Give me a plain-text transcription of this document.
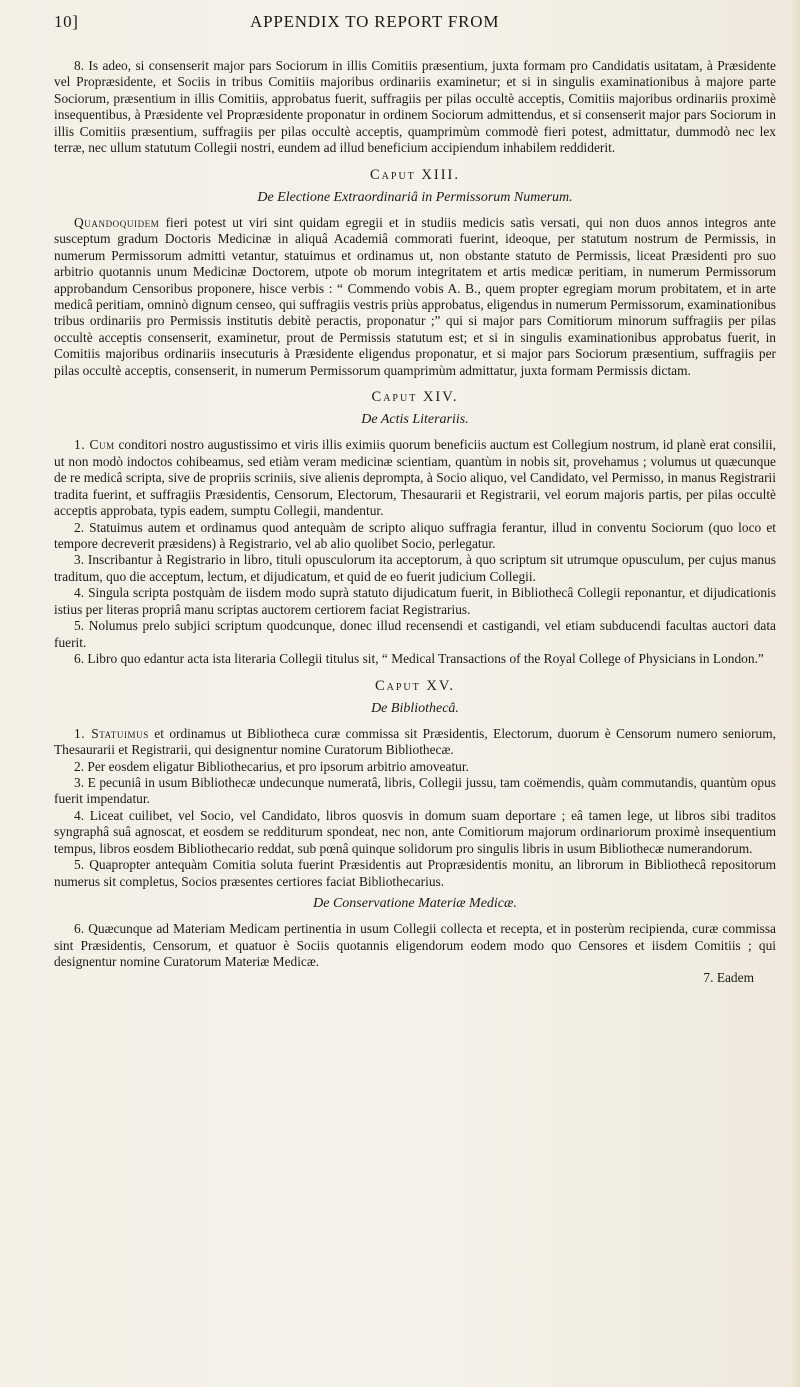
10]	APPENDIX TO REPORT FROM

8. Is adeo, si consenserit major pars Sociorum in illis Comitiis præsentium, juxta formam pro Candidatis usitatam, à Præsidente vel Propræsidente, et Sociis in tribus Comitiis majoribus ordinariis examinetur; et si in singulis examinationibus à majore parte Sociorum, præsentium in illis Comitiis, approbatus fuerit, suffragiis per pilas occultè acceptis, Comitiis majoribus ordinariis proximè insequentibus, à Præsidente vel Propræsidente proponatur in ordinem Sociorum admittendus, et si consenserit major pars Sociorum in illis Comitiis præsentium, suffragiis per pilas occultè acceptis, quamprimùm commodè fieri potest, admittatur, dummodò nec lex terræ, nec ullum statutum Collegii nostri, eundem ad illud beneficium accipiendum inhabilem reddiderit.

Caput XIII.
De Electione Extraordinariâ in Permissorum Numerum.

Quandoquidem fieri potest ut viri sint quidam egregii et in studiis medicis satìs versati, qui non duos annos integros ante susceptum gradum Doctoris Medicinæ in aliquâ Academiâ commorati fuerint, ideoque, per statutum nostrum de Permissis, in numerum Permissorum admitti vetantur, statuimus et ordinamus ut, non obstante statuto de Permissis, liceat Præsidenti pro suo arbitrio quotannis unum Medicinæ Doctorem, utpote ob morum integritatem et artis medicæ peritiam, in numerum Permissorum approbandum Censoribus proponere, hisce verbis : “ Commendo vobis A. B., quem propter egregiam morum probitatem, et in arte medicâ peritiam, omninò dignum censeo, qui suffragiis vestris priùs approbatus, eligendus in numerum Permissorum, examinationibus tribus ordinariis pro Permissis institutis debitè peractis, proponatur ;” qui si major pars Comitiorum minorum suffragiis per pilas occultè acceptis consenserit, examinetur, prout de Permissis statutum est; et si in singulis examinationibus approbatus fuerit, in Comitiis majoribus ordinariis insecuturis à Præsidente eligendus proponatur, et si major pars Sociorum præsentium, suffragiis per pilas occultè acceptis, consenserit, in numerum Permissorum quamprimùm admittatur, juxta formam Permissis dictam.

Caput XIV.
De Actis Literariis.

1. Cum conditori nostro augustissimo et viris illis eximiis quorum beneficiis auctum est Collegium nostrum, id planè erat consilii, ut non modò indoctos cohibeamus, sed etiàm veram medicinæ scientiam, quantùm in nobis sit, provehamus ; volumus ut quæcunque de re medicâ scripta, sive de propriis scriniis, sive alienis deprompta, à Socio aliquo, vel Candidato, vel Permisso, in manus Registrarii tradita fuerint, et suffragiis Præsidentis, Censorum, Electorum, Thesaurarii et Registrarii, vel eorum majoris partis, per pilas occultè acceptis approbata, typis eadem, sumptu Collegii, mandentur.

2. Statuimus autem et ordinamus quod antequàm de scripto aliquo suffragia ferantur, illud in conventu Sociorum (quo loco et tempore decreverit præsidens) à Registrario, vel ab alio quolibet Socio, perlegatur.

3. Inscribantur à Registrario in libro, tituli opusculorum ita acceptorum, à quo scriptum sit utrumque opusculum, per cujus manus traditum, quo die acceptum, lectum, et dijudicatum, et quid de eo fuerit judicium Collegii.

4. Singula scripta postquàm de iisdem modo suprà statuto dijudicatum fuerit, in Bibliothecâ Collegii reponantur, et dijudicationis istius per literas propriâ manu scriptas auctorem certiorem faciat Registrarius.

5. Nolumus prelo subjici scriptum quodcunque, donec illud recensendi et castigandi, vel etiam subducendi facultas auctori data fuerit.

6. Libro quo edantur acta ista literaria Collegii titulus sit, “ Medical Transactions of the Royal College of Physicians in London.”

Caput XV.
De Bibliothecâ.

1. Statuimus et ordinamus ut Bibliotheca curæ commissa sit Præsidentis, Electorum, duorum è Censorum numero seniorum, Thesaurarii et Registrarii, qui designentur nomine Curatorum Bibliothecæ.

2. Per eosdem eligatur Bibliothecarius, et pro ipsorum arbitrio amoveatur.

3. E pecuniâ in usum Bibliothecæ undecunque numeratâ, libris, Collegii jussu, tam coëmendis, quàm commutandis, quantùm opus fuerit impendatur.

4. Liceat cuilibet, vel Socio, vel Candidato, libros quosvis in domum suam deportare ; eâ tamen lege, ut libros sibi traditos syngraphâ suâ agnoscat, et eosdem se redditurum spondeat, nec non, ante Comitiorum majorum ordinariorum proximè insequentium tempus, libros eosdem Bibliothecario reddat, sub pœnâ quinque solidorum pro singulis libris in usum Bibliothecæ numerandorum.

5. Quapropter antequàm Comitia soluta fuerint Præsidentis aut Propræsidentis monitu, an librorum in Bibliothecâ repositorum numerus sit completus, Socios præsentes certiores faciat Bibliothecarius.

De Conservatione Materiæ Medicæ.

6. Quæcunque ad Materiam Medicam pertinentia in usum Collegii collecta et recepta, et in posterùm recipienda, curæ commissa sint Præsidentis, Censorum, et quatuor è Sociis quotannis eligendorum eodem modo quo Censores et iisdem Comitiis ; qui designentur nomine Curatorum Materiæ Medicæ.

7. Eadem
